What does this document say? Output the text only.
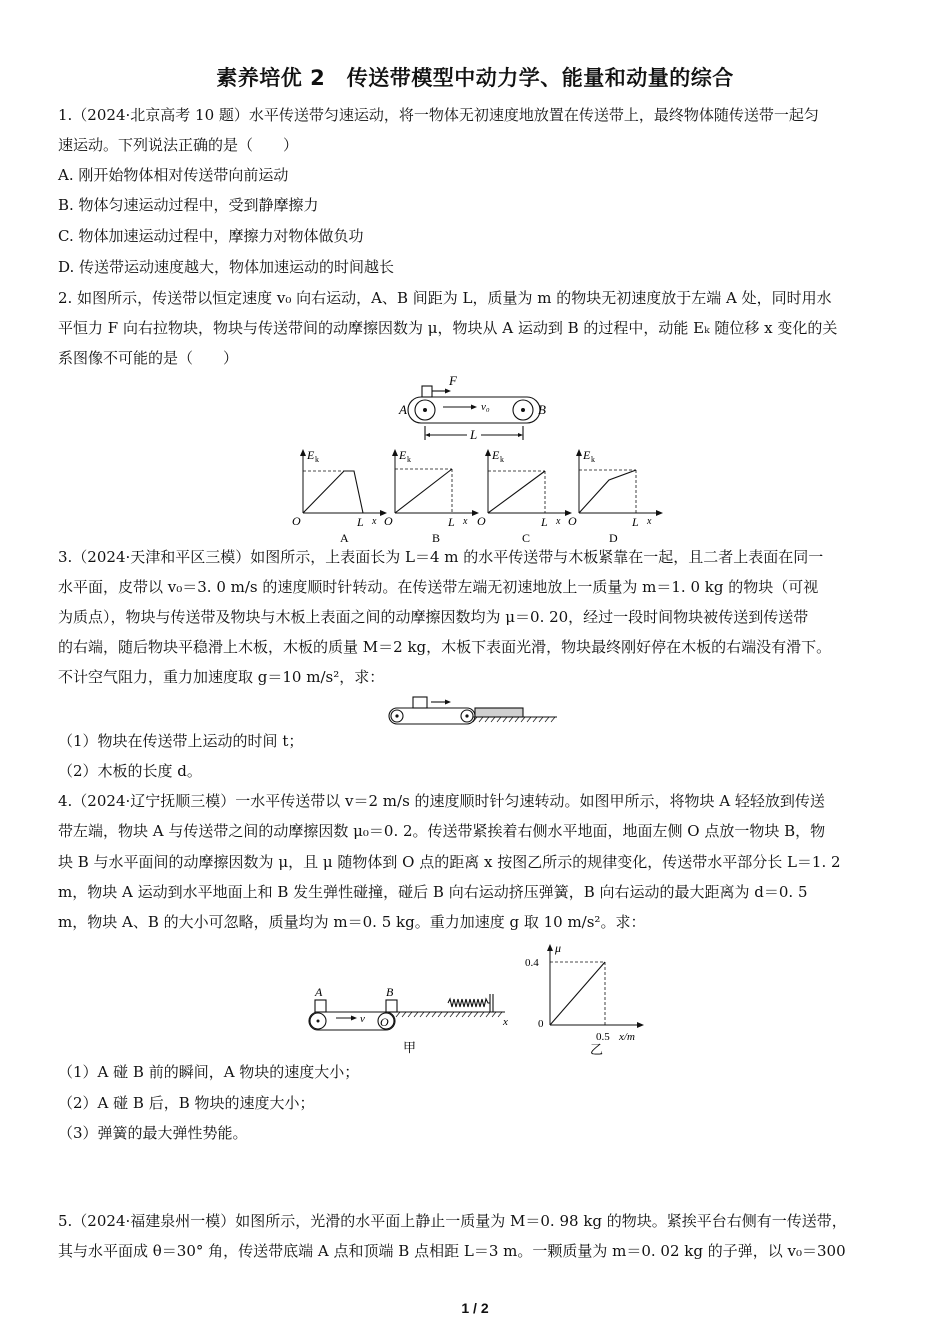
素养培优 2　传送带模型中动力学、能量和动量的综合
1.（2024·北京高考 10 题）水平传送带匀速运动，将一物体无初速度地放置在传送带上，最终物体随传送带一起匀
速运动。下列说法正确的是（　　）
A. 刚开始物体相对传送带向前运动
B. 物体匀速运动过程中，受到静摩擦力
C. 物体加速运动过程中，摩擦力对物体做负功
D. 传送带运动速度越大，物体加速运动的时间越长
2. 如图所示，传送带以恒定速度 v₀ 向右运动，A、B 间距为 L，质量为 m 的物块无初速度放于左端 A 处，同时用水
平恒力 F 向右拉物块，物块与传送带间的动摩擦因数为 μ，物块从 A 运动到 B 的过程中，动能 Eₖ 随位移 x 变化的关
系图像不可能的是（　　）
A	B
F
v₀
L
E k
O	L x
A
E k
O	L x
B
E k
O	L x
C
E k
O	L x
D
3.（2024·天津和平区三模）如图所示，上表面长为 L＝4 m 的水平传送带与木板紧靠在一起，且二者上表面在同一
水平面，皮带以 v₀＝3. 0 m/s 的速度顺时针转动。在传送带左端无初速地放上一质量为 m＝1. 0 kg 的物块（可视
为质点），物块与传送带及物块与木板上表面之间的动摩擦因数均为 μ＝0. 20，经过一段时间物块被传送到传送带
的右端，随后物块平稳滑上木板，木板的质量 M＝2 kg，木板下表面光滑，物块最终刚好停在木板的右端没有滑下。
不计空气阻力，重力加速度取 g＝10 m/s²，求：
（1）物块在传送带上运动的时间 t；
（2）木板的长度 d。
4.（2024·辽宁抚顺三模）一水平传送带以 v＝2 m/s 的速度顺时针匀速转动。如图甲所示，将物块 A 轻轻放到传送
带左端，物块 A 与传送带之间的动摩擦因数 μ₀＝0. 2。传送带紧挨着右侧水平地面，地面左侧 O 点放一物块 B，物
块 B 与水平面间的动摩擦因数为 μ，且 μ 随物体到 O 点的距离 x 按图乙所示的规律变化，传送带水平部分长 L＝1. 2
m，物块 A 运动到水平地面上和 B 发生弹性碰撞，碰后 B 向右运动挤压弹簧，B 向右运动的最大距离为 d＝0. 5
m，物块 A、B 的大小可忽略，质量均为 m＝0. 5 kg。重力加速度 g 取 10 m/s²。求：
A	B
v O	x
甲
μ
0.4
0
0.5 x/m
乙
（1）A 碰 B 前的瞬间，A 物块的速度大小；
（2）A 碰 B 后，B 物块的速度大小；
（3）弹簧的最大弹性势能。
5.（2024·福建泉州一模）如图所示，光滑的水平面上静止一质量为 M＝0. 98 kg 的物块。紧挨平台右侧有一传送带，
其与水平面成 θ＝30° 角，传送带底端 A 点和顶端 B 点相距 L＝3 m。一颗质量为 m＝0. 02 kg 的子弹，以 v₀＝300
1 / 2
